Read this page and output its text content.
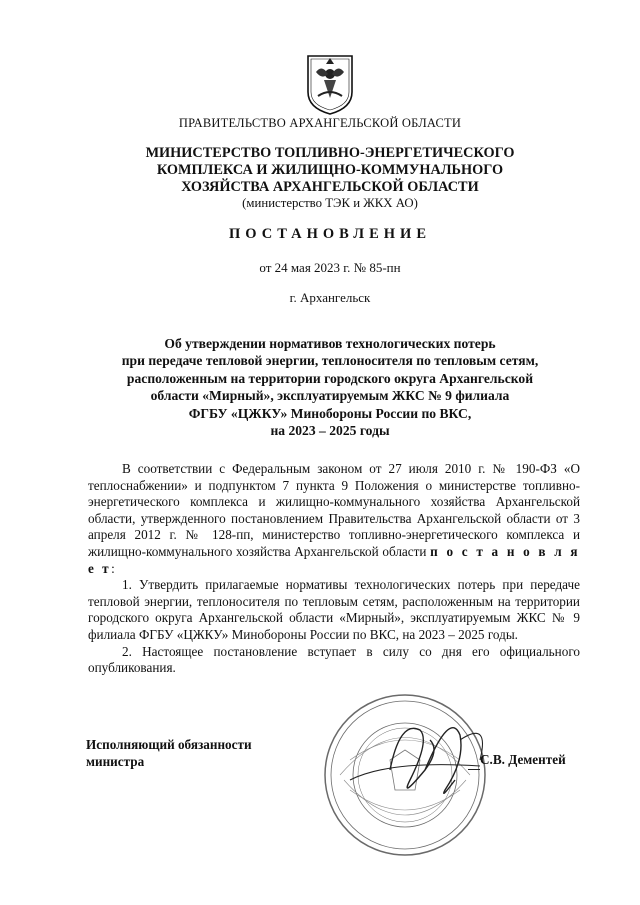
ПРАВИТЕЛЬСТВО АРХАНГЕЛЬСКОЙ ОБЛАСТИ
МИНИСТЕРСТВО ТОПЛИВНО-ЭНЕРГЕТИЧЕСКОГО
КОМПЛЕКСА И ЖИЛИЩНО-КОММУНАЛЬНОГО
ХОЗЯЙСТВА АРХАНГЕЛЬСКОЙ ОБЛАСТИ
(министерство ТЭК и ЖКХ АО)
ПОСТАНОВЛЕНИЕ
от 24 мая 2023 г. № 85-пн
г. Архангельск
Об утверждении нормативов технологических потерь
при передаче тепловой энергии, теплоносителя по тепловым сетям,
расположенным на территории городского округа Архангельской
области «Мирный», эксплуатируемым ЖКС № 9 филиала
ФГБУ «ЦЖКУ» Минобороны России по ВКС,
на 2023 – 2025 годы

В соответствии с Федеральным законом от 27 июля 2010 г. № 190-ФЗ «О теплоснабжении» и подпунктом 7 пункта 9 Положения о министерстве топливно-энергетического комплекса и жилищно-коммунального хозяйства Архангельской области, утвержденного постановлением Правительства Архангельской области от 3 апреля 2012 г. № 128-пп, министерство топливно-энергетического комплекса и жилищно-коммунального хозяйства Архангельской области п о с т а н о в л я е т:

1. Утвердить прилагаемые нормативы технологических потерь при передаче тепловой энергии, теплоносителя по тепловым сетям, расположенным на территории городского округа Архангельской области «Мирный», эксплуатируемым ЖКС № 9 филиала ФГБУ «ЦЖКУ» Минобороны России по ВКС, на 2023 – 2025 годы.

2. Настоящее постановление вступает в силу со дня его официального опубликования.

Исполняющий обязанности
министра	С.В. Дементей
